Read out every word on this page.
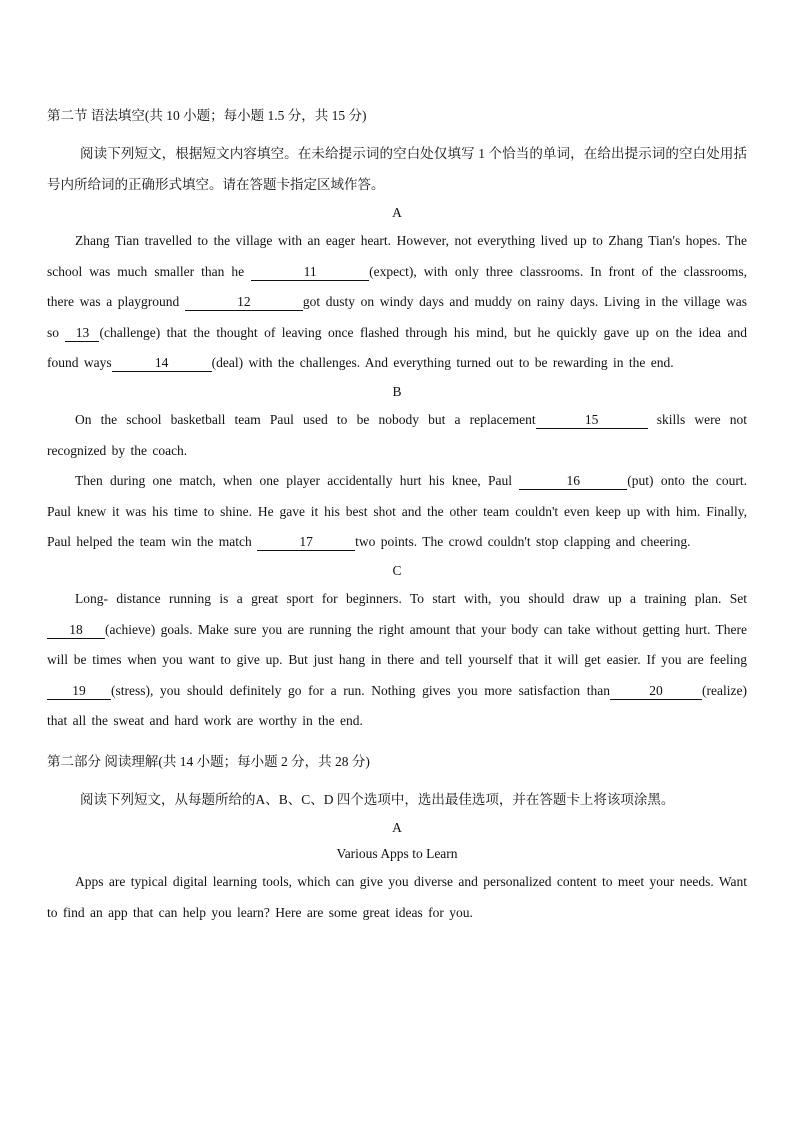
第二节 语法填空(共 10 小题；每小题 1.5 分，共 15 分)

阅读下列短文，根据短文内容填空。在未给提示词的空白处仅填写 1 个恰当的单词，在给出提示词的空白处用括号内所给词的正确形式填空。请在答题卡指定区域作答。

A

Zhang Tian travelled to the village with an eager heart. However, not everything lived up to Zhang Tian's hopes. The school was much smaller than he	11	(expect), with only three classrooms. In front of the classrooms, there was a playground	12	got dusty on windy days and muddy on rainy days. Living in the village was so 13 (challenge) that the thought of leaving once flashed through his mind, but he quickly gave up on the idea and found ways	14	(deal) with the challenges. And everything turned out to be rewarding in the end.

B

On the school basketball team Paul used to be nobody but a replacement	15	skills were not recognized by the coach.

Then during one match, when one player accidentally hurt his knee, Paul	16	(put) onto the court. Paul knew it was his time to shine. He gave it his best shot and the other team couldn't even keep up with him. Finally, Paul helped the team win the match	17	two points. The crowd couldn't stop clapping and cheering.

C

Long- distance running is a great sport for beginners. To start with, you should draw up a training plan. Set18 (achieve) goals. Make sure you are running the right amount that your body can take without getting hurt. There will be times when you want to give up. But just hang in there and tell yourself that it will get easier. If you are feeling 19 (stress), you should definitely go for a run. Nothing gives you more satisfaction than	20	(realize) that all the sweat and hard work are worthy in the end.

第二部分 阅读理解(共 14 小题；每小题 2 分，共 28 分)

阅读下列短文，从每题所给的A、B、C、D 四个选项中，选出最佳选项，并在答题卡上将该项涂黑。

A
Various Apps to Learn

Apps are typical digital learning tools, which can give you diverse and personalized content to meet your needs. Want to find an app that can help you learn? Here are some great ideas for you.
